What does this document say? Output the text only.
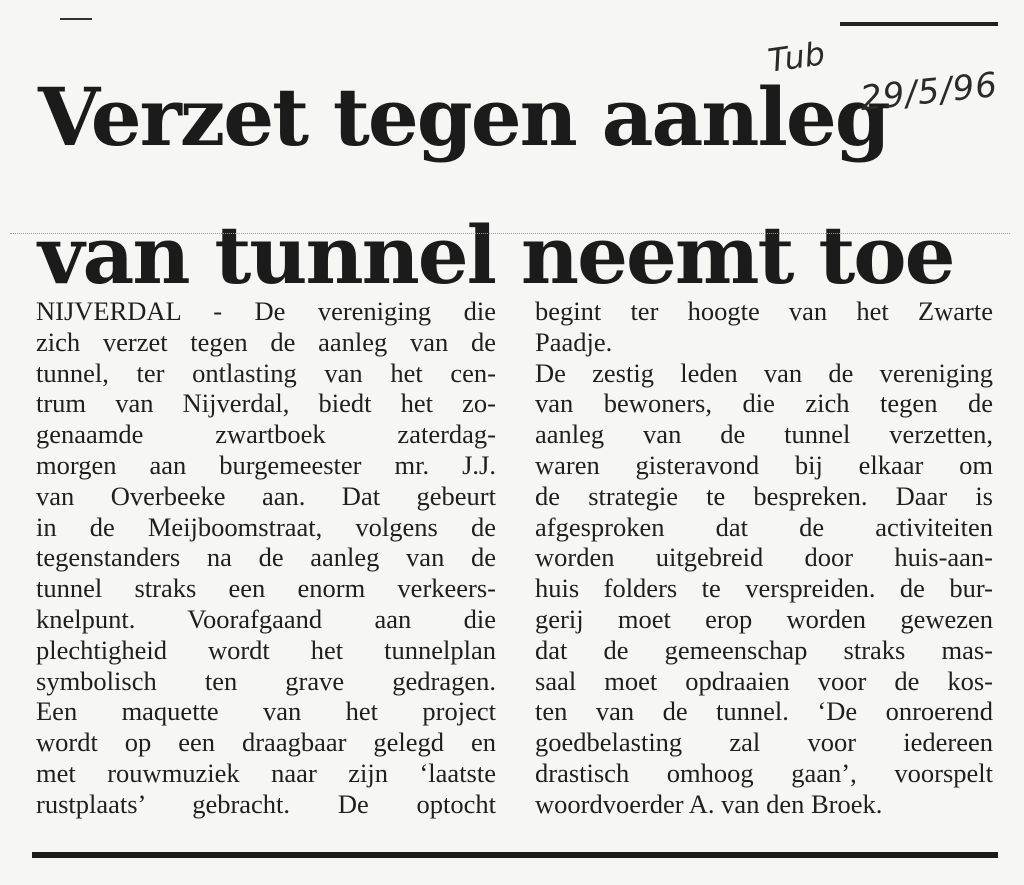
Verzet tegen aanleg
van tunnel neemt toe
Tub
29/5/96
NIJVERDAL - De vereniging die
zich verzet tegen de aanleg van de
tunnel, ter ontlasting van het cen-
trum van Nijverdal, biedt het zo-
genaamde zwartboek zaterdag-
morgen aan burgemeester mr. J.J.
van Overbeeke aan. Dat gebeurt
in de Meijboomstraat, volgens de
tegenstanders na de aanleg van de
tunnel straks een enorm verkeers-
knelpunt. Voorafgaand aan die
plechtigheid wordt het tunnelplan
symbolisch ten grave gedragen.
Een maquette van het project
wordt op een draagbaar gelegd en
met rouwmuziek naar zijn ‘laatste
rustplaats’ gebracht. De optocht
begint ter hoogte van het Zwarte
Paadje.
De zestig leden van de vereniging
van bewoners, die zich tegen de
aanleg van de tunnel verzetten,
waren gisteravond bij elkaar om
de strategie te bespreken. Daar is
afgesproken dat de activiteiten
worden uitgebreid door huis-aan-
huis folders te verspreiden. de bur-
gerij moet erop worden gewezen
dat de gemeenschap straks mas-
saal moet opdraaien voor de kos-
ten van de tunnel. ‘De onroerend
goedbelasting zal voor iedereen
drastisch omhoog gaan’, voorspelt
woordvoerder A. van den Broek.
